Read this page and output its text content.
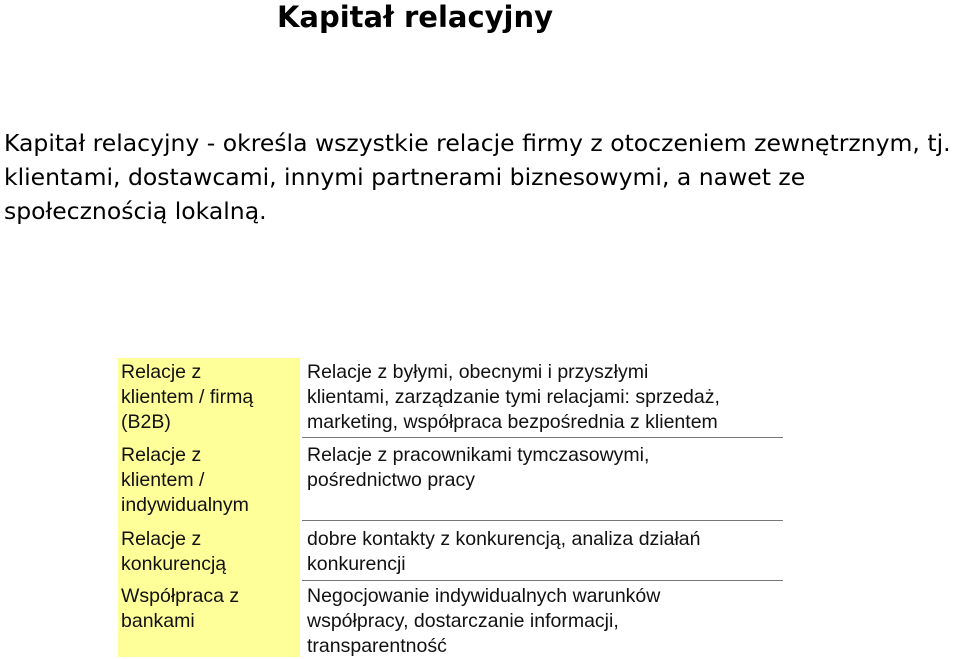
Kapitał relacyjny

Kapitał relacyjny - określa wszystkie relacje firmy z otoczeniem zewnętrznym, tj. klientami, dostawcami, innymi partnerami biznesowymi, a nawet ze społecznością lokalną.

Relacje z
klientem / firmą
(B2B)

Relacje z byłymi, obecnymi i przyszłymi
klientami, zarządzanie tymi relacjami: sprzedaż,
marketing, współpraca bezpośrednia z klientem

Relacje z
klientem /
indywidualnym

Relacje z pracownikami tymczasowymi,
pośrednictwo pracy

Relacje z
konkurencją

dobre kontakty z konkurencją, analiza działań
konkurencji

Współpraca z
bankami

Negocjowanie indywidualnych warunków
współpracy, dostarczanie informacji,
transparentność
